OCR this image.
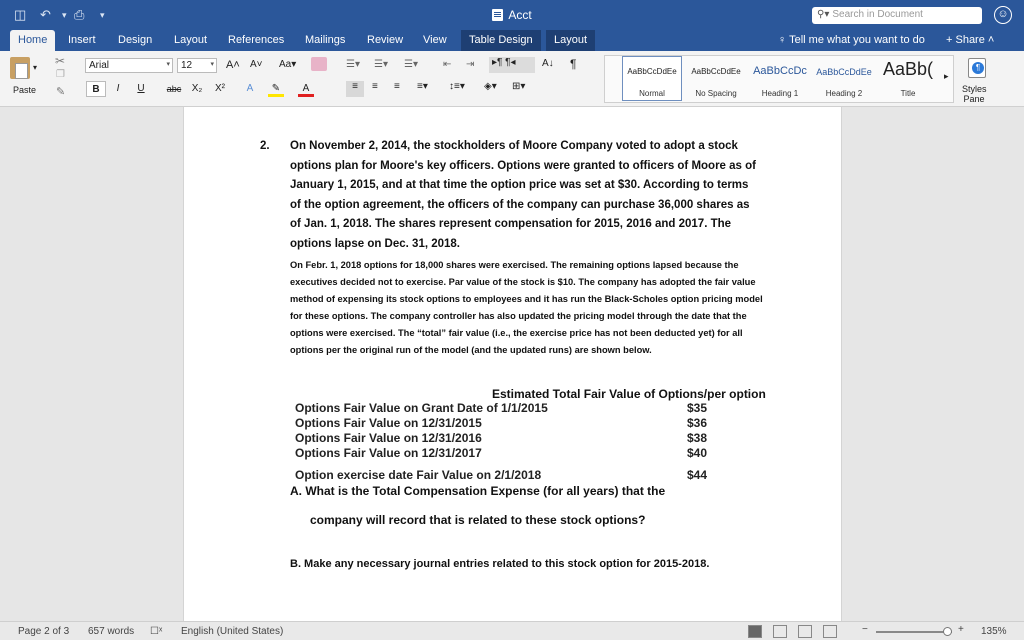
◫ ↶ ▾ ⎙ ▾	Acct	⚲▾ Search in Document	☺
Home	Insert	Design	Layout	References	Mailings	Review	View	Table Design	Layout	♀ Tell me what you want to do + Share ˄
▾
Paste
✂
❐
✎
Arial	▾	12	▾ A˄ A˅ Aa▾
B	I	U	abc X₂ X²	A	✎	A
☰▾ ☰▾ ☰▾	⇤ ⇥	▸¶ ¶◂	A↓ ¶
≡	≡ ≡ ≡▾ ↕≡▾ ◈▾ ⊞▾
AaBbCcDdEe
Normal
AaBbCcDdEe
No Spacing
AaBbCcDc
Heading 1
AaBbCcDdEe
Heading 2
AaBb(
Title
▸
¶
Styles Pane
2. On November 2, 2014, the stockholders of Moore Company voted to adopt a stock options plan for Moore's key officers. Options were granted to officers of Moore as of January 1, 2015, and at that time the option price was set at $30. According to terms of the option agreement, the officers of the company can purchase 36,000 shares as of Jan. 1, 2018. The shares represent compensation for 2015, 2016 and 2017. The options lapse on Dec. 31, 2018.
On Febr. 1, 2018 options for 18,000 shares were exercised. The remaining options lapsed because the executives decided not to exercise. Par value of the stock is $10. The company has adopted the fair value method of expensing its stock options to employees and it has run the Black-Scholes option pricing model for these options. The company controller has also updated the pricing model through the date that the options were exercised. The “total” fair value (i.e., the exercise price has not been deducted yet) for all options per the original run of the model (and the updated runs) are shown below.
Estimated Total Fair Value of Options/per option
Options Fair Value on Grant Date of 1/1/2015	$35
Options Fair Value on 12/31/2015	$36
Options Fair Value on 12/31/2016	$38
Options Fair Value on 12/31/2017	$40
Option exercise date Fair Value on 2/1/2018	$44
A. What is the Total Compensation Expense (for all years) that the
company will record that is related to these stock options?
B. Make any necessary journal entries related to this stock option for 2015-2018.
Page 2 of 3 657 words ☐ˣ English (United States)	−	+ 135%
